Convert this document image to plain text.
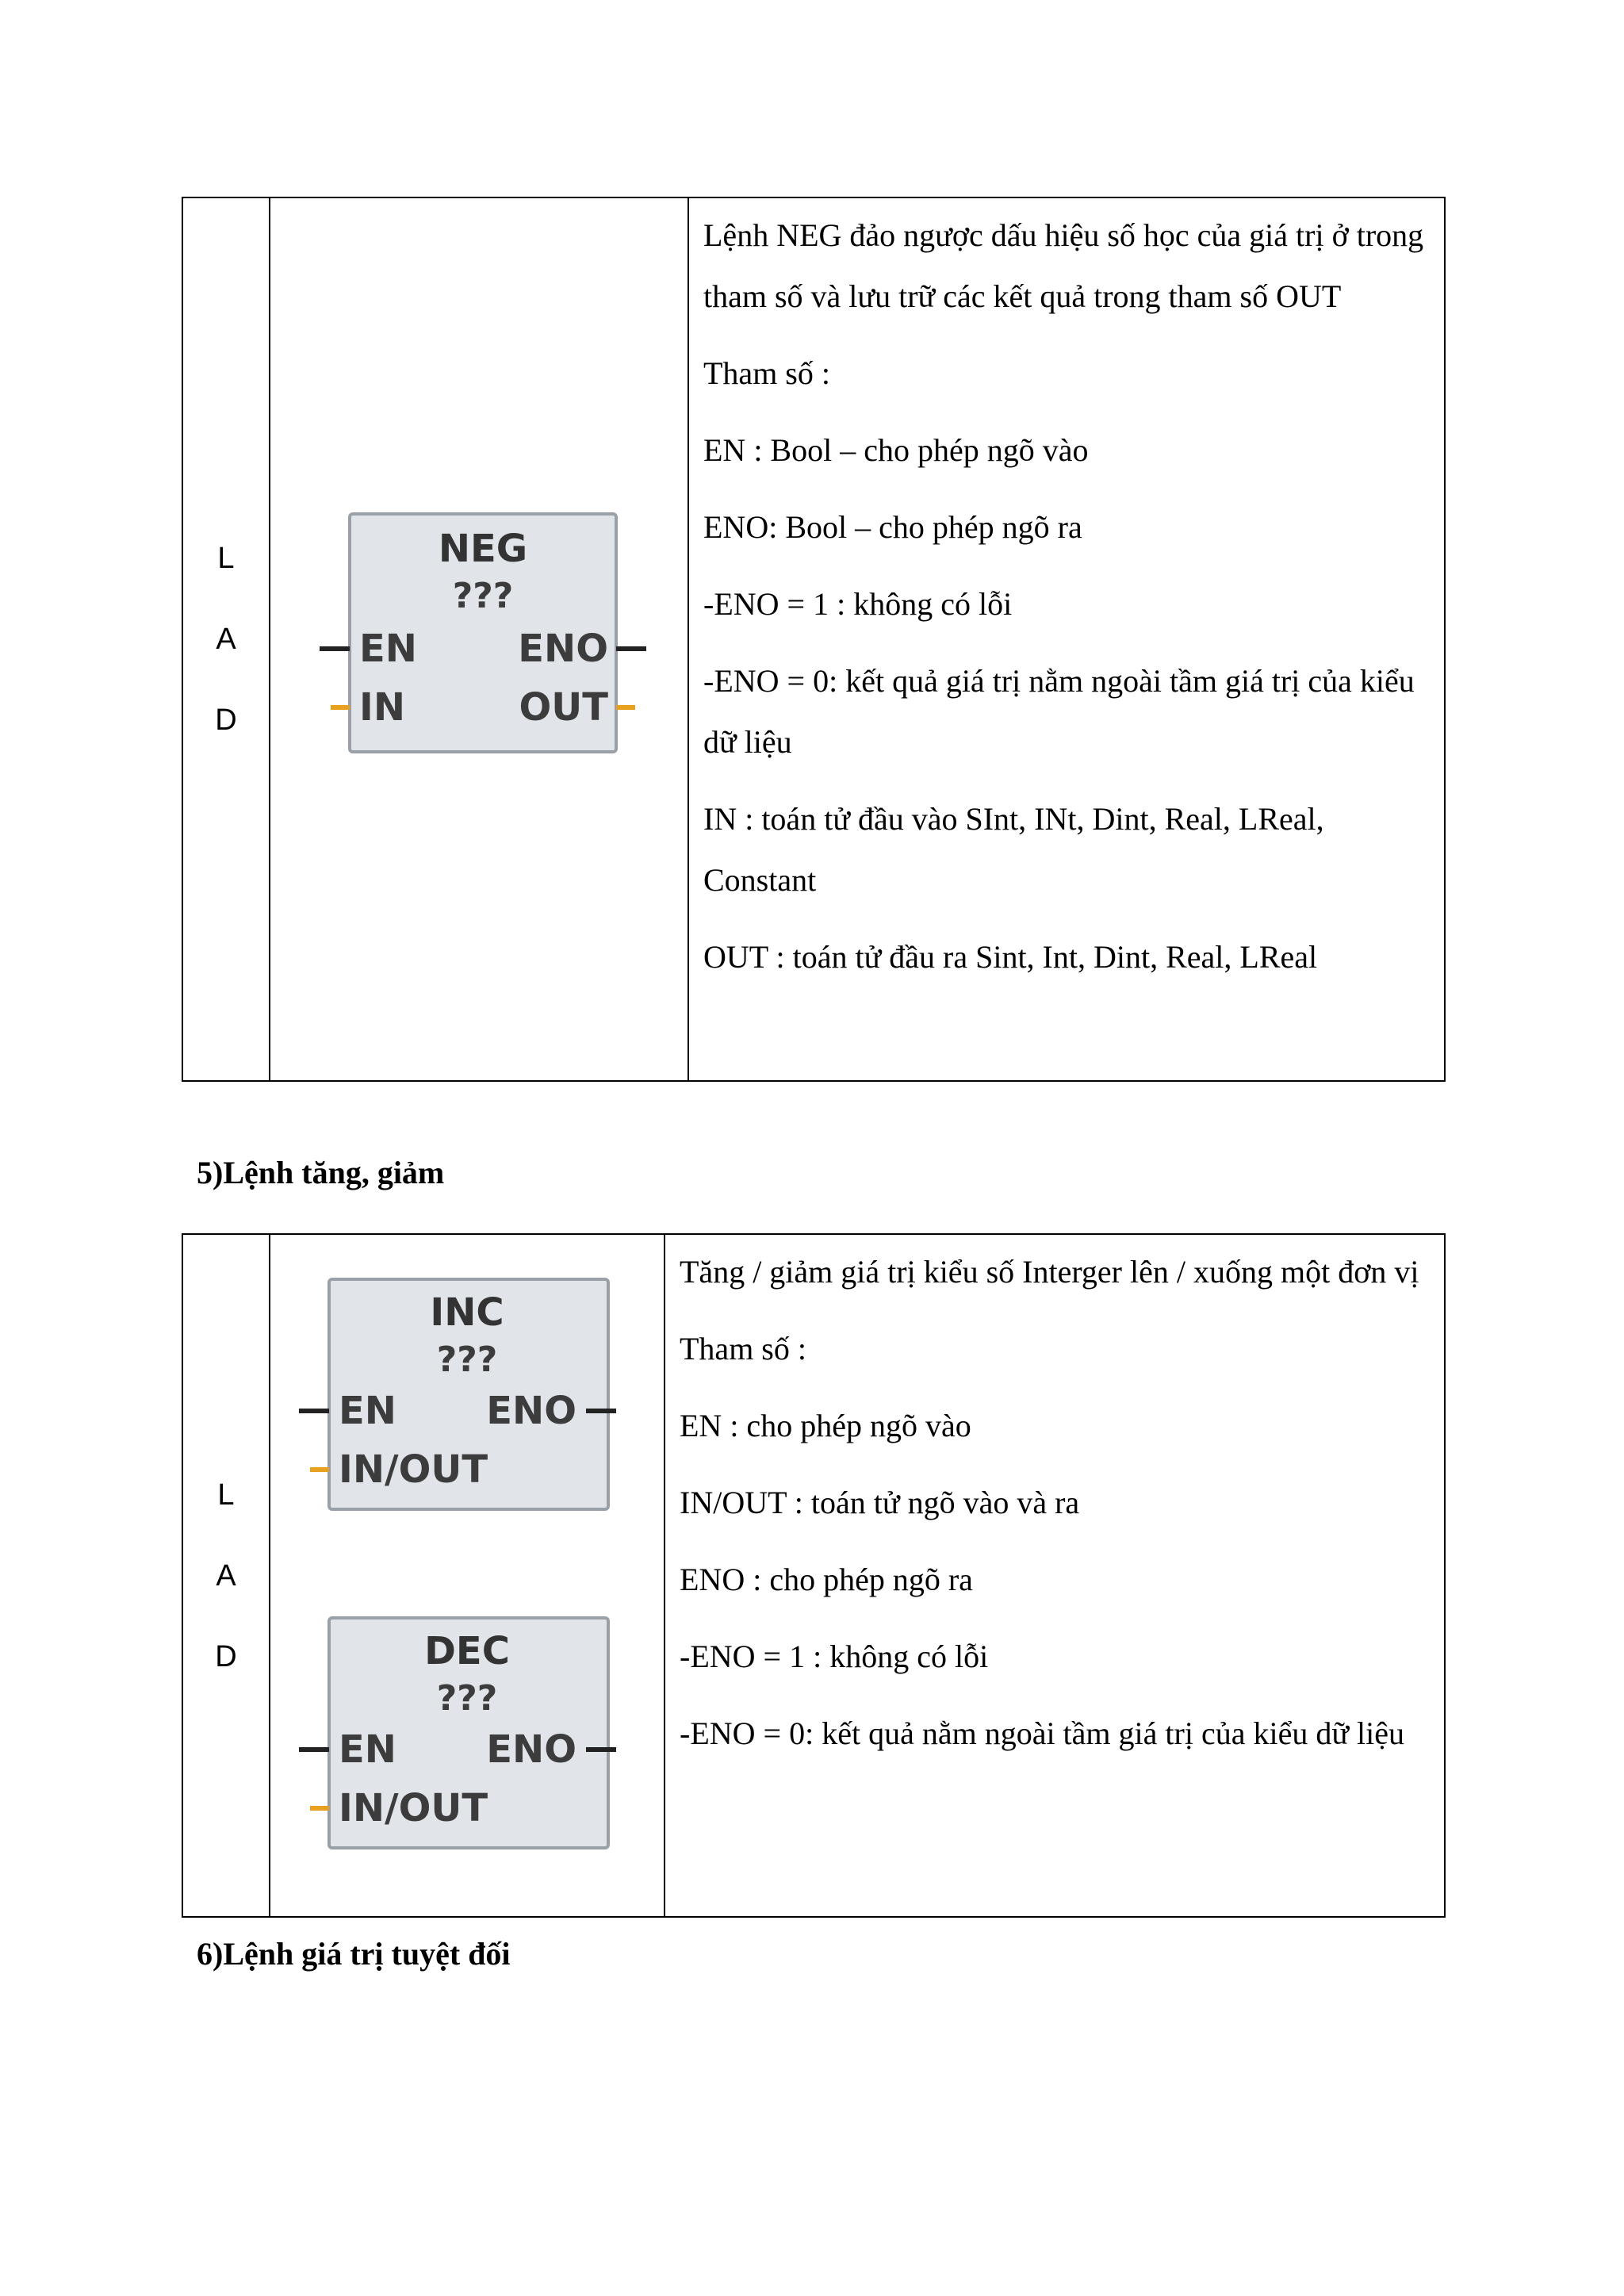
L
A
D

NEG
???
EN
IN
ENO
OUT

Lệnh NEG đảo ngược dấu hiệu số học của giá trị ở trong tham số và lưu trữ các kết quả trong tham số OUT

Tham số :

EN : Bool – cho phép ngõ vào

ENO: Bool – cho phép ngõ ra

-ENO = 1 : không có lỗi

-ENO = 0: kết quả giá trị nằm ngoài tầm giá trị của kiểu dữ liệu

IN : toán tử đầu vào SInt, INt, Dint, Real, LReal, Constant

OUT : toán tử đầu ra Sint, Int, Dint, Real, LReal

5)Lệnh tăng, giảm
L
A
D

INC
???
EN
IN/OUT
ENO
DEC
???
EN
IN/OUT
ENO

Tăng / giảm giá trị kiểu số Interger lên / xuống một đơn vị

Tham số :

EN : cho phép ngõ vào

IN/OUT : toán tử ngõ vào và ra

ENO : cho phép ngõ ra

-ENO = 1 : không có lỗi

-ENO = 0: kết quả nằm ngoài tầm giá trị của kiểu dữ liệu

6)Lệnh giá trị tuyệt đối
